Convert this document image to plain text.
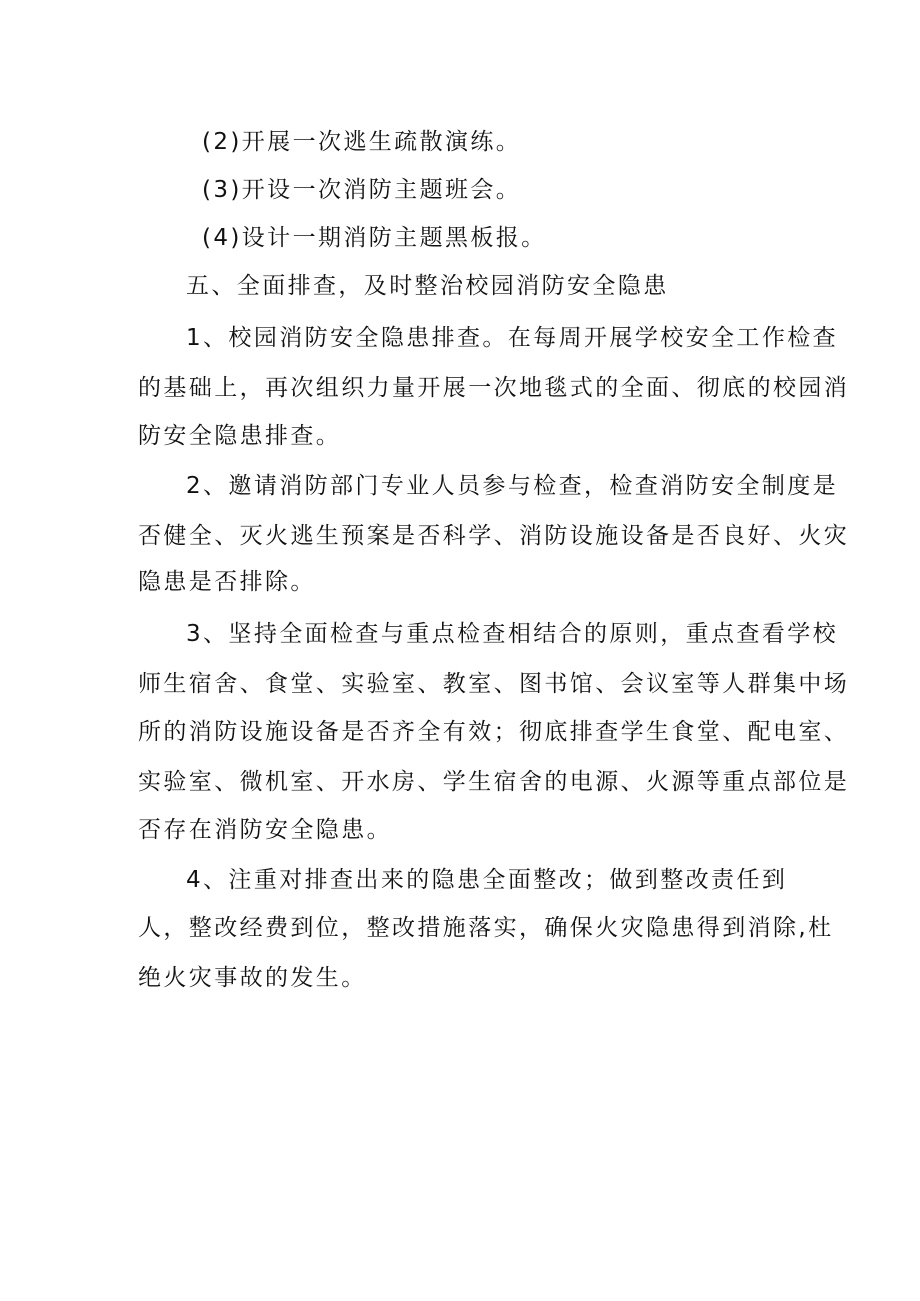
(2)开展一次逃生疏散演练。
(3)开设一次消防主题班会。
(4)设计一期消防主题黑板报。
五、全面排查，及时整治校园消防安全隐患
1、校园消防安全隐患排查。在每周开展学校安全工作检查
的基础上，再次组织力量开展一次地毯式的全面、彻底的校园消
防安全隐患排查。
2、邀请消防部门专业人员参与检查，检查消防安全制度是
否健全、灭火逃生预案是否科学、消防设施设备是否良好、火灾
隐患是否排除。
3、坚持全面检查与重点检查相结合的原则，重点查看学校
师生宿舍、食堂、实验室、教室、图书馆、会议室等人群集中场
所的消防设施设备是否齐全有效；彻底排查学生食堂、配电室、
实验室、微机室、开水房、学生宿舍的电源、火源等重点部位是
否存在消防安全隐患。
4、注重对排查出来的隐患全面整改；做到整改责任到
人，整改经费到位，整改措施落实，确保火灾隐患得到消除,杜
绝火灾事故的发生。
